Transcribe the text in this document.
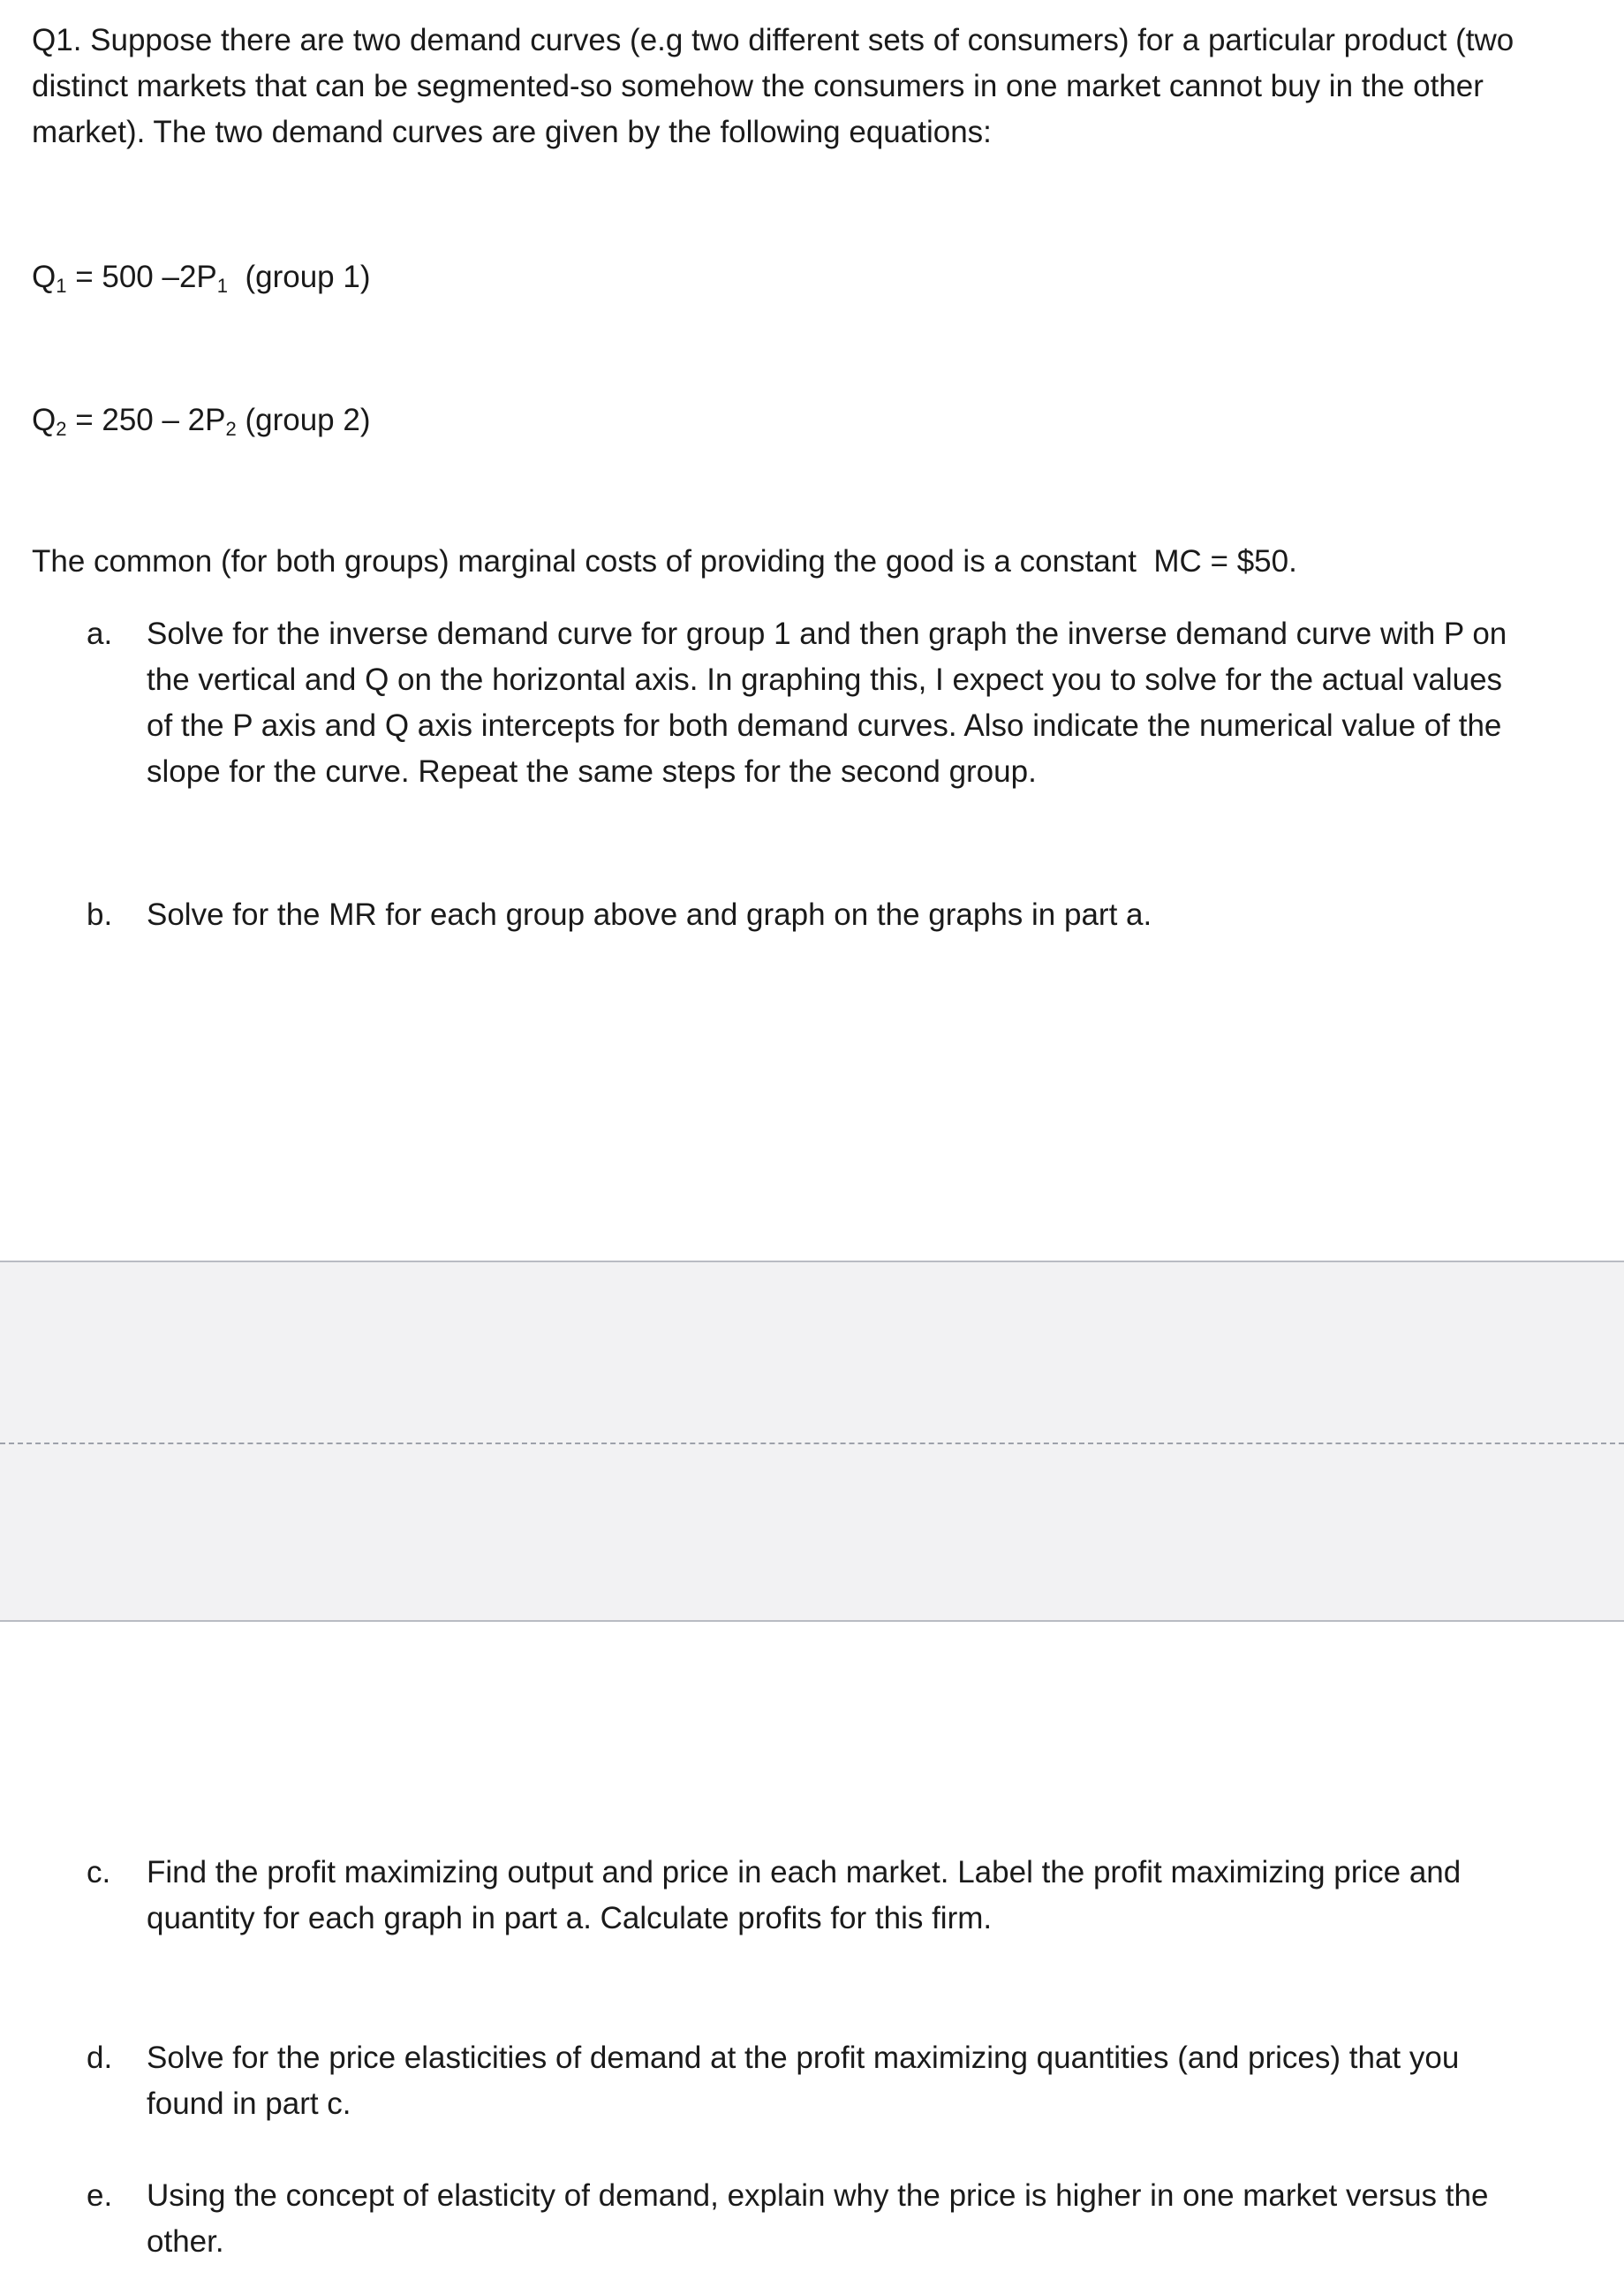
Q1. Suppose there are two demand curves (e.g two different sets of consumers) for a particular product (two distinct markets that can be segmented-so somehow the consumers in one market cannot buy in the other market). The two demand curves are given by the following equations:
$Q_1 = 500$ $-2P_1$  (group 1)
$Q_2 = 250 - 2P_2$ (group 2)
The common (for both groups) marginal costs of providing the good is a constant  MC = $50.
a.	Solve for the inverse demand curve for group 1 and then graph the inverse demand curve with P on the vertical and Q on the horizontal axis. In graphing this, I expect you to solve for the actual values of the P axis and Q axis intercepts for both demand curves. Also indicate the numerical value of the slope for the curve. Repeat the same steps for the second group.
b.	Solve for the MR for each group above and graph on the graphs in part a.
c.	Find the profit maximizing output and price in each market. Label the profit maximizing price and quantity for each graph in part a. Calculate profits for this firm.
d.	Solve for the price elasticities of demand at the profit maximizing quantities (and prices) that you found in part c.
e.	Using the concept of elasticity of demand, explain why the price is higher in one market versus the other.
